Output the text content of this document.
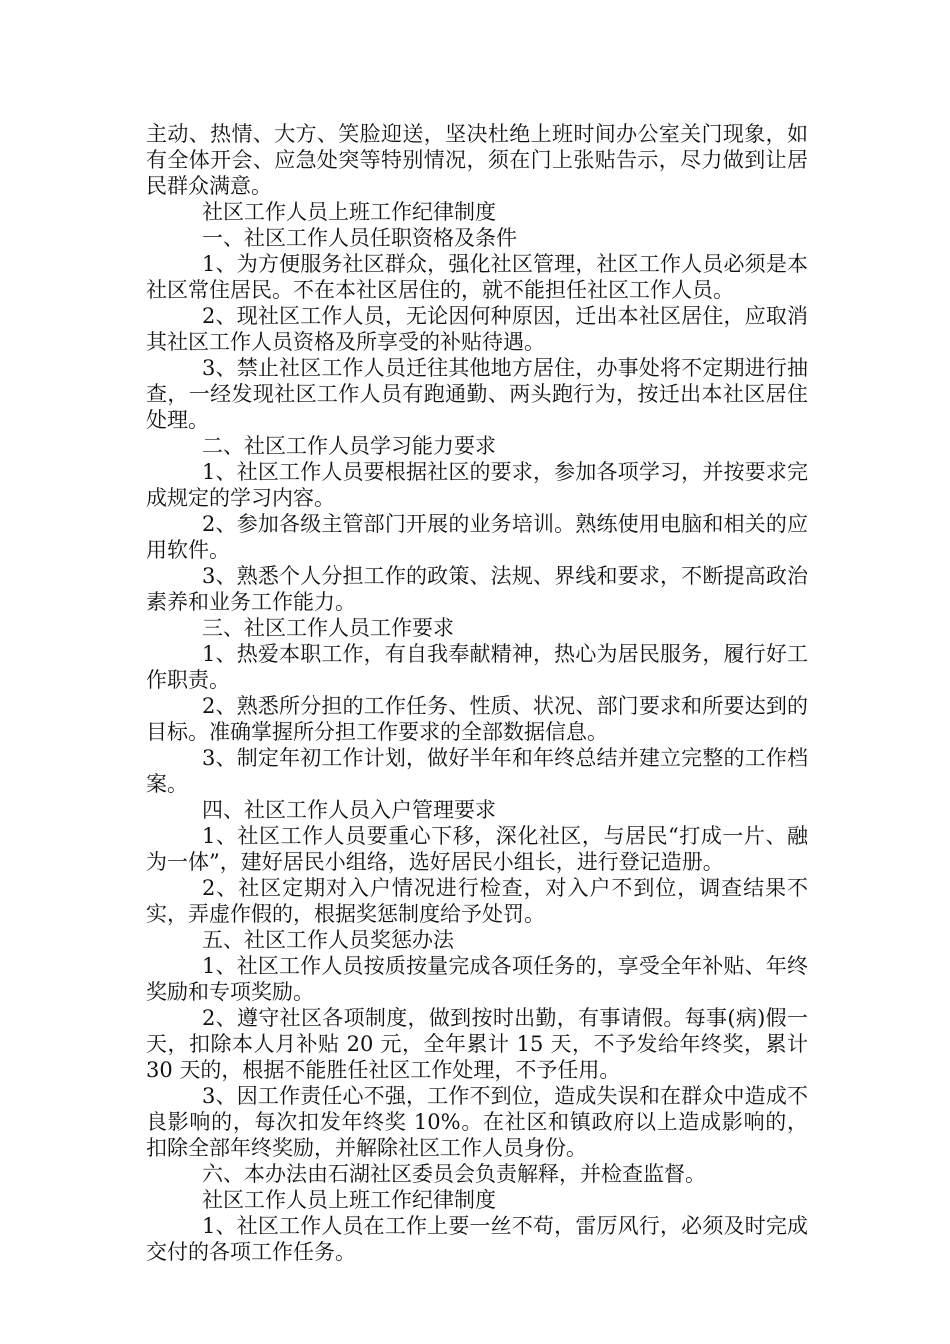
主动、热情、大方、笑脸迎送，坚决杜绝上班时间办公室关门现象，如有全体开会、应急处突等特别情况，须在门上张贴告示，尽力做到让居民群众满意。

社区工作人员上班工作纪律制度

一、社区工作人员任职资格及条件

1、为方便服务社区群众，强化社区管理，社区工作人员必须是本社区常住居民。不在本社区居住的，就不能担任社区工作人员。

2、现社区工作人员，无论因何种原因，迁出本社区居住，应取消其社区工作人员资格及所享受的补贴待遇。

3、禁止社区工作人员迁往其他地方居住，办事处将不定期进行抽查，一经发现社区工作人员有跑通勤、两头跑行为，按迁出本社区居住处理。

二、社区工作人员学习能力要求

1、社区工作人员要根据社区的要求，参加各项学习，并按要求完成规定的学习内容。

2、参加各级主管部门开展的业务培训。熟练使用电脑和相关的应用软件。

3、熟悉个人分担工作的政策、法规、界线和要求，不断提高政治素养和业务工作能力。

三、社区工作人员工作要求

1、热爱本职工作，有自我奉献精神，热心为居民服务，履行好工作职责。

2、熟悉所分担的工作任务、性质、状况、部门要求和所要达到的目标。准确掌握所分担工作要求的全部数据信息。

3、制定年初工作计划，做好半年和年终总结并建立完整的工作档案。

四、社区工作人员入户管理要求

1、社区工作人员要重心下移，深化社区，与居民“打成一片、融为一体”，建好居民小组络，选好居民小组长，进行登记造册。

2、社区定期对入户情况进行检查，对入户不到位，调查结果不实，弄虚作假的，根据奖惩制度给予处罚。

五、社区工作人员奖惩办法

1、社区工作人员按质按量完成各项任务的，享受全年补贴、年终奖励和专项奖励。

2、遵守社区各项制度，做到按时出勤，有事请假。每事(病)假一天，扣除本人月补贴 20 元，全年累计 15 天，不予发给年终奖，累计 30 天的，根据不能胜任社区工作处理，不予任用。

3、因工作责任心不强，工作不到位，造成失误和在群众中造成不良影响的，每次扣发年终奖 10%。在社区和镇政府以上造成影响的，扣除全部年终奖励，并解除社区工作人员身份。

六、本办法由石湖社区委员会负责解释，并检查监督。

社区工作人员上班工作纪律制度

1、社区工作人员在工作上要一丝不苟，雷厉风行，必须及时完成交付的各项工作任务。
